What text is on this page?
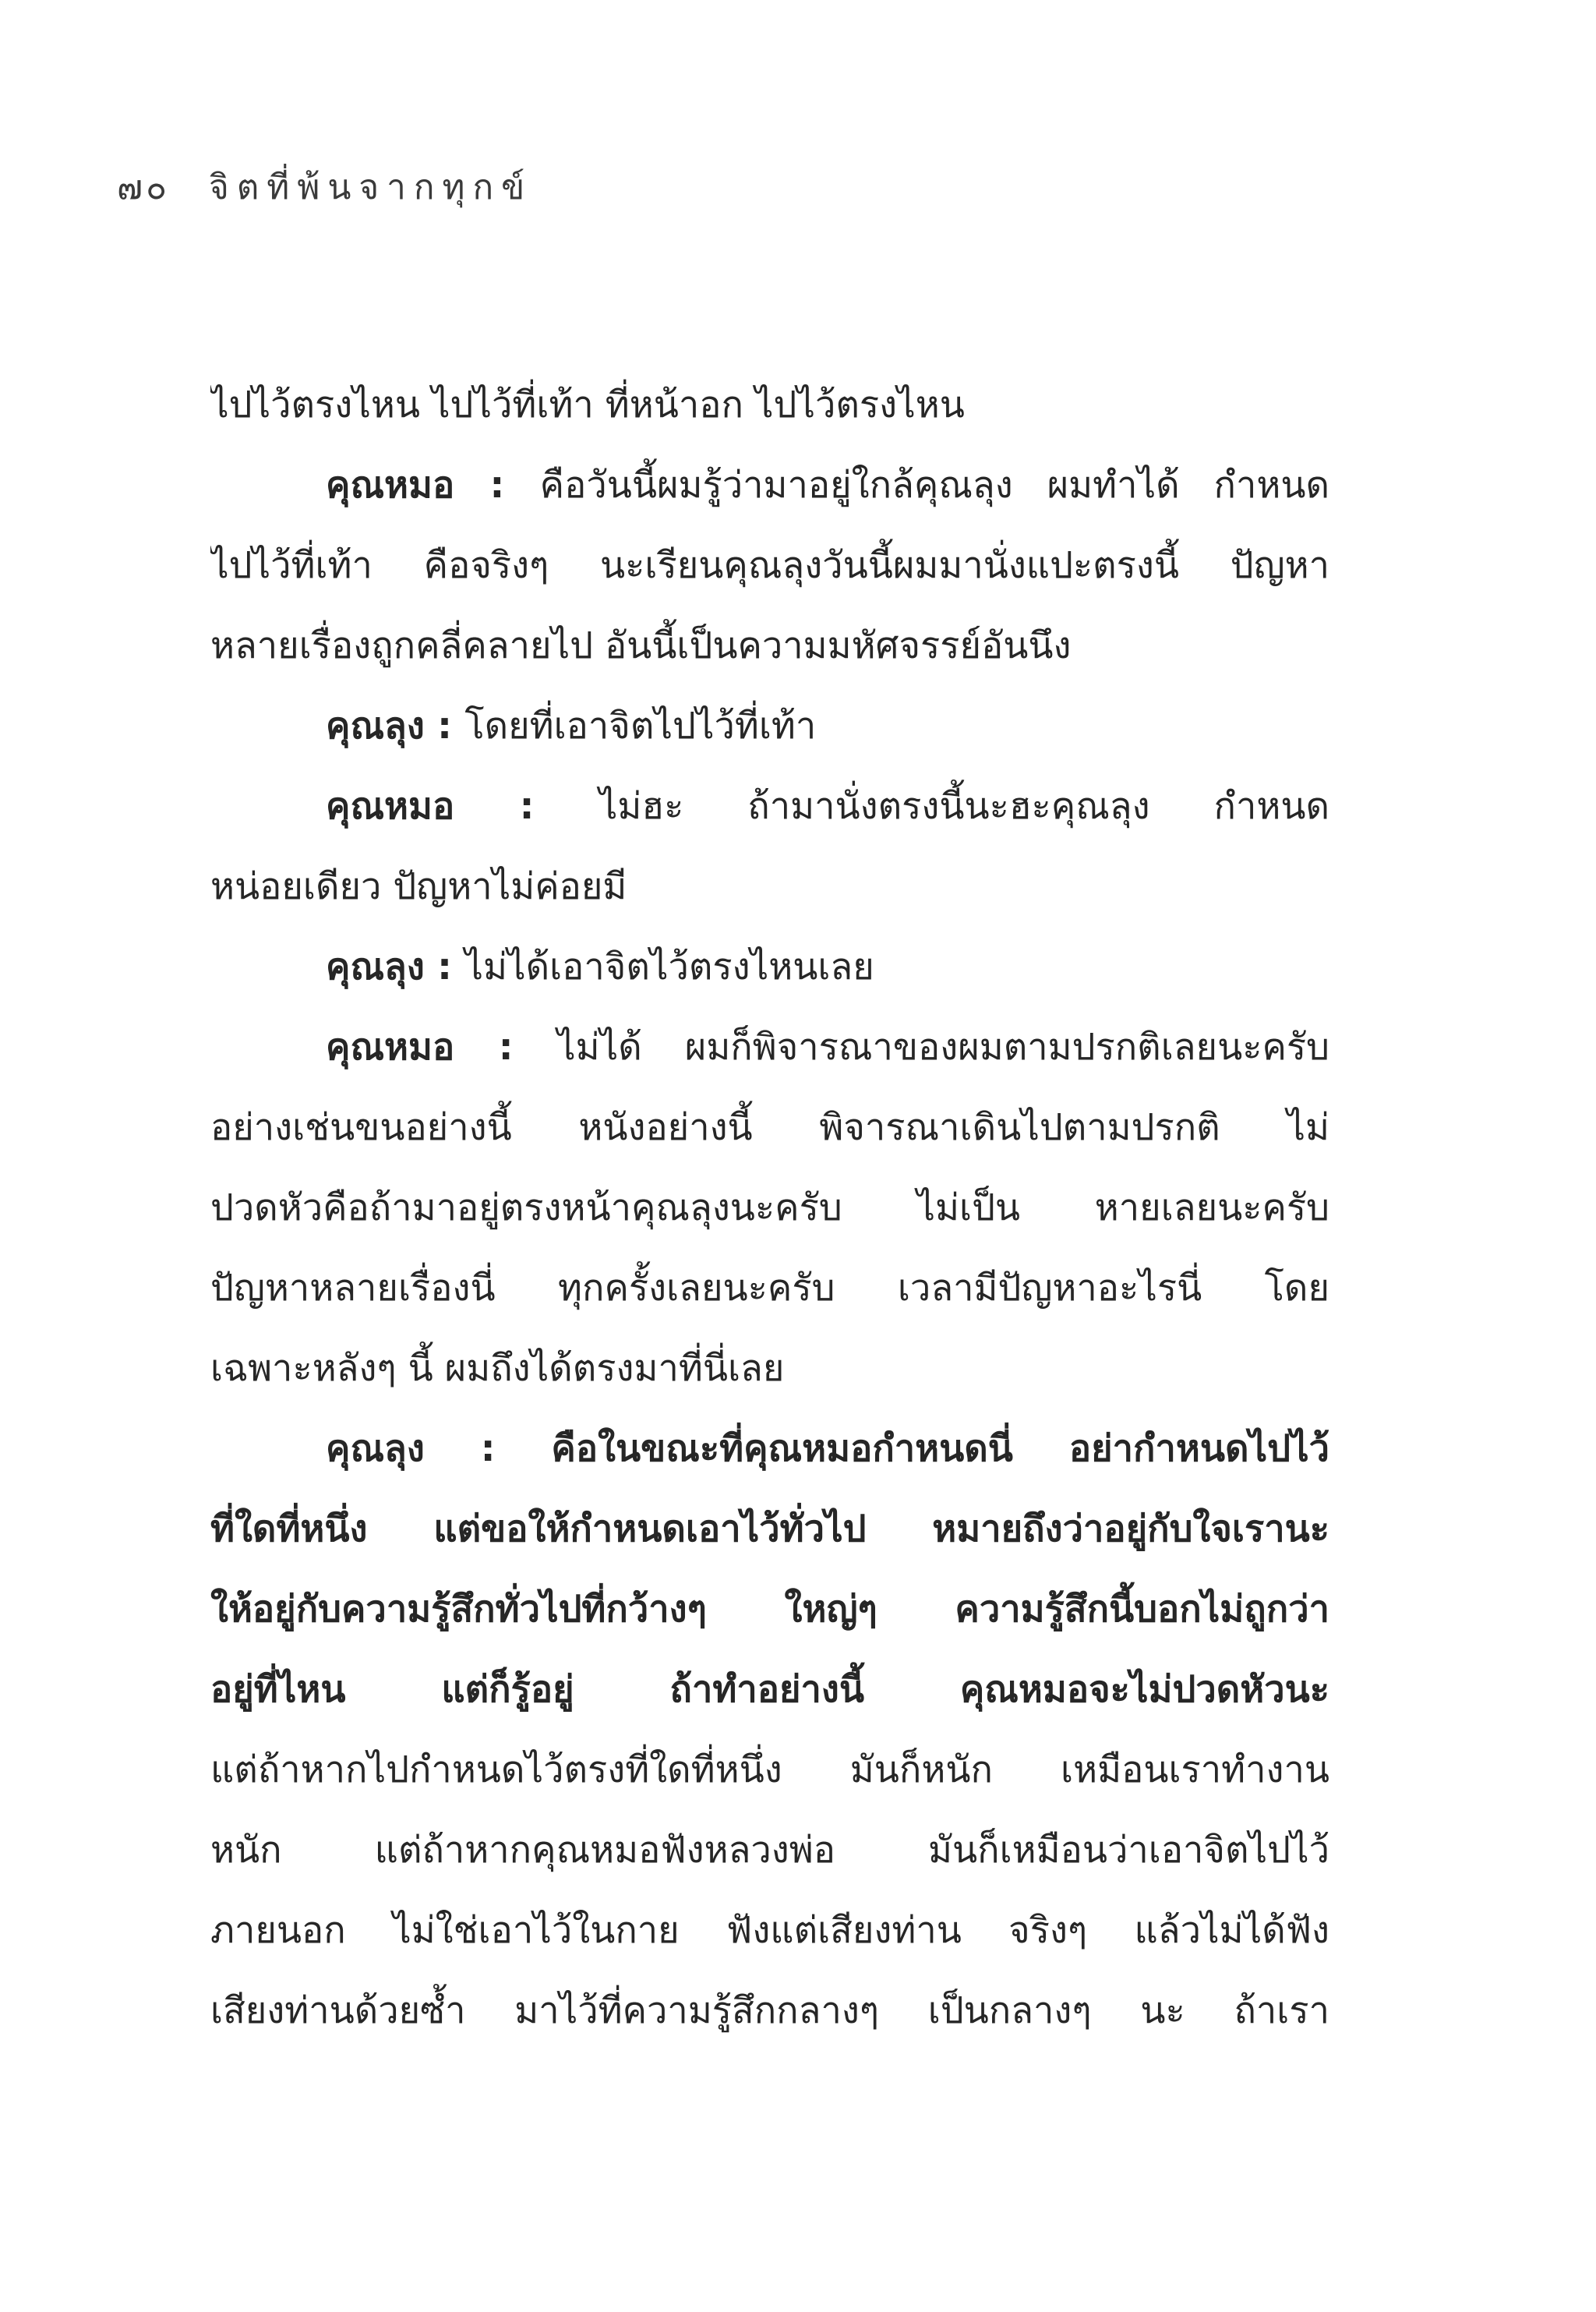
๗๐ จิตที่พ้นจากทุกข์
ไปไว้ตรงไหน ไปไว้ที่เท้า ที่หน้าอก ไปไว้ตรงไหน
คุณหมอ : คือวันนี้ผมรู้ว่ามาอยู่ใกล้คุณลุง ผมทำได้ กำหนด
ไปไว้ที่เท้า คือจริงๆ นะเรียนคุณลุงวันนี้ผมมานั่งแปะตรงนี้ ปัญหา
หลายเรื่องถูกคลี่คลายไป อันนี้เป็นความมหัศจรรย์อันนึง
คุณลุง : โดยที่เอาจิตไปไว้ที่เท้า
คุณหมอ : ไม่ฮะ ถ้ามานั่งตรงนี้นะฮะคุณลุง กำหนด
หน่อยเดียว ปัญหาไม่ค่อยมี
คุณลุง : ไม่ได้เอาจิตไว้ตรงไหนเลย
คุณหมอ : ไม่ได้ ผมก็พิจารณาของผมตามปรกติเลยนะครับ
อย่างเช่นขนอย่างนี้ หนังอย่างนี้ พิจารณาเดินไปตามปรกติ ไม่
ปวดหัวคือถ้ามาอยู่ตรงหน้าคุณลุงนะครับ ไม่เป็น หายเลยนะครับ
ปัญหาหลายเรื่องนี่ ทุกครั้งเลยนะครับ เวลามีปัญหาอะไรนี่ โดย
เฉพาะหลังๆ นี้ ผมถึงได้ตรงมาที่นี่เลย
คุณลุง : คือในขณะที่คุณหมอกำหนดนี่ อย่ากำหนดไปไว้
ที่ใดที่หนึ่ง แต่ขอให้กำหนดเอาไว้ทั่วไป หมายถึงว่าอยู่กับใจเรานะ
ให้อยู่กับความรู้สึกทั่วไปที่กว้างๆ ใหญ่ๆ ความรู้สึกนี้บอกไม่ถูกว่า
อยู่ที่ไหน แต่ก็รู้อยู่ ถ้าทำอย่างนี้ คุณหมอจะไม่ปวดหัวนะ
แต่ถ้าหากไปกำหนดไว้ตรงที่ใดที่หนึ่ง มันก็หนัก เหมือนเราทำงาน
หนัก แต่ถ้าหากคุณหมอฟังหลวงพ่อ มันก็เหมือนว่าเอาจิตไปไว้
ภายนอก ไม่ใช่เอาไว้ในกาย ฟังแต่เสียงท่าน จริงๆ แล้วไม่ได้ฟัง
เสียงท่านด้วยซ้ำ มาไว้ที่ความรู้สึกกลางๆ เป็นกลางๆ นะ ถ้าเรา
